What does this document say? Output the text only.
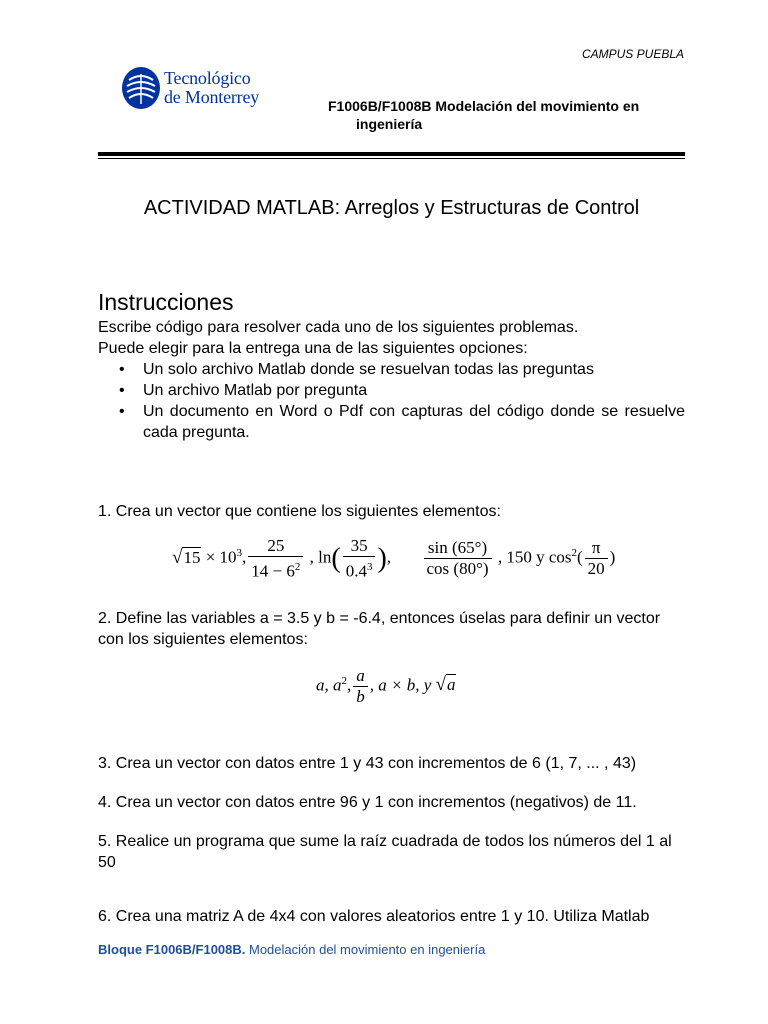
CAMPUS PUEBLA
Tecnológico
de Monterrey	F1006B/F1008B Modelación del movimiento en
ingeniería
ACTIVIDAD MATLAB: Arreglos y Estructuras de Control
Instrucciones
Escribe código para resolver cada uno de los siguientes problemas.
Puede elegir para la entrega una de las siguientes opciones:
• Un solo archivo Matlab donde se resuelvan todas las preguntas
• Un archivo Matlab por pregunta
• Un documento en Word o Pdf con capturas del código donde se resuelve cada pregunta.
1. Crea un vector que contiene los siguientes elementos:
√ $15 \times 10^3$, $\frac{25}{14 - 6^2}$ , $\ln( \frac{35}{0.4^3}$ ), $\frac{\sin (65^\circ)}{\cos (80^\circ)}$ , 150 y $\cos^2( \frac{\pi}{20}$ )
2. Define las variables a = 3.5 y b = -6.4, entonces úselas para definir un vector con los siguientes elementos:
a, $a^2$, $\frac{a}{b}$ , a × b, y √ a
3. Crea un vector con datos entre 1 y 43 con incrementos de 6 (1, 7, ... , 43)
4. Crea un vector con datos entre 96 y 1 con incrementos (negativos) de 11.
5. Realice un programa que sume la raíz cuadrada de todos los números del 1 al 50
6. Crea una matriz A de 4x4 con valores aleatorios entre 1 y 10. Utiliza Matlab
Bloque F1006B/F1008B. Modelación del movimiento en ingeniería
